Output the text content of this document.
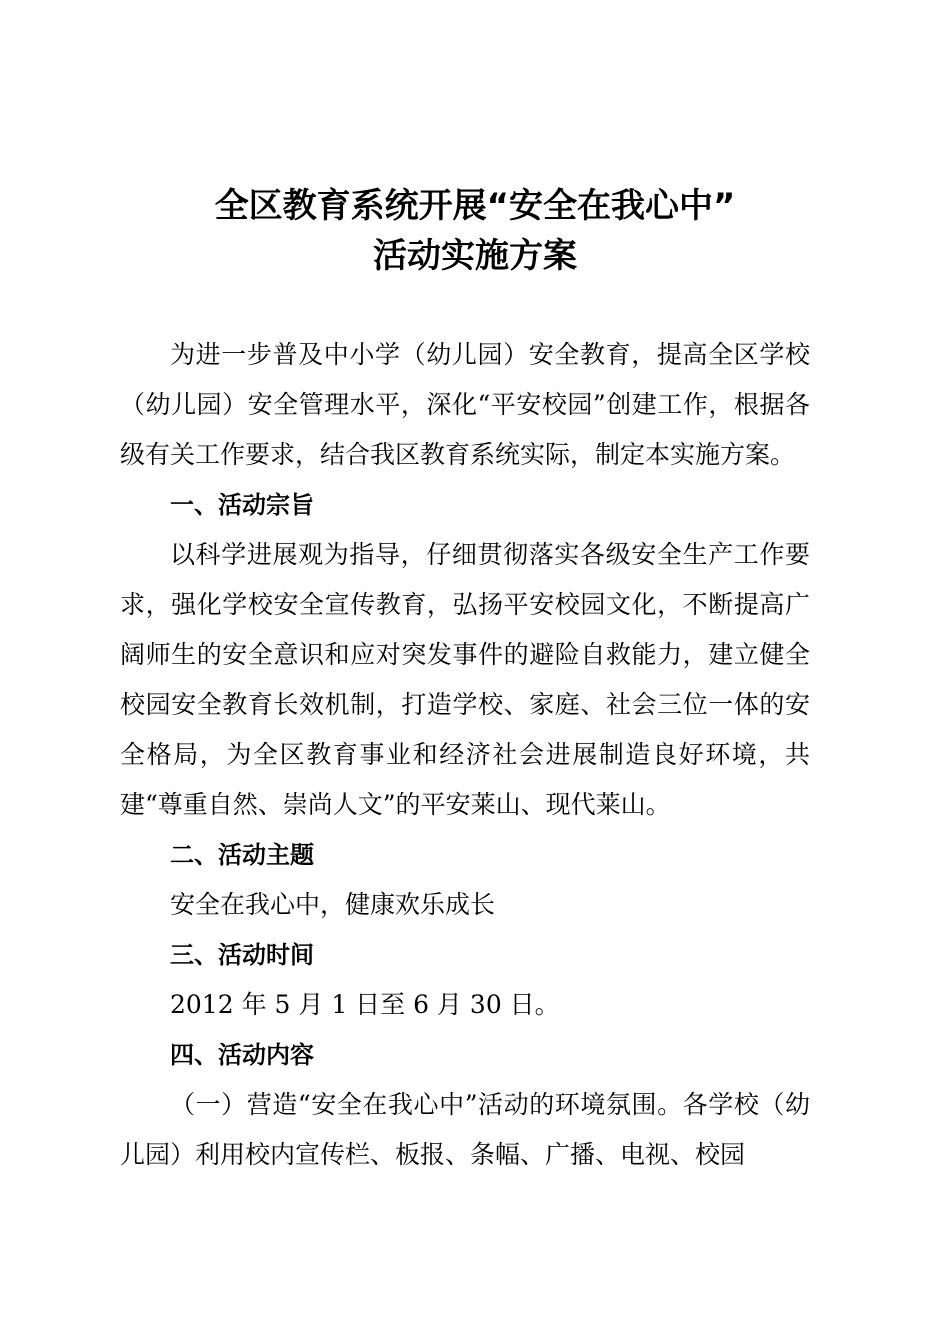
全区教育系统开展“安全在我心中”
活动实施方案

为进一步普及中小学（幼儿园）安全教育，提高全区学校（幼儿园）安全管理水平，深化“平安校园”创建工作，根据各级有关工作要求，结合我区教育系统实际，制定本实施方案。

一、活动宗旨

以科学进展观为指导，仔细贯彻落实各级安全生产工作要求，强化学校安全宣传教育，弘扬平安校园文化，不断提高广阔师生的安全意识和应对突发事件的避险自救能力，建立健全校园安全教育长效机制，打造学校、家庭、社会三位一体的安全格局，为全区教育事业和经济社会进展制造良好环境，共建“尊重自然、崇尚人文”的平安莱山、现代莱山。

二、活动主题

安全在我心中，健康欢乐成长

三、活动时间

2012 年 5 月 1 日至 6 月 30 日。

四、活动内容

（一）营造“安全在我心中”活动的环境氛围。各学校（幼儿园）利用校内宣传栏、板报、条幅、广播、电视、校园
